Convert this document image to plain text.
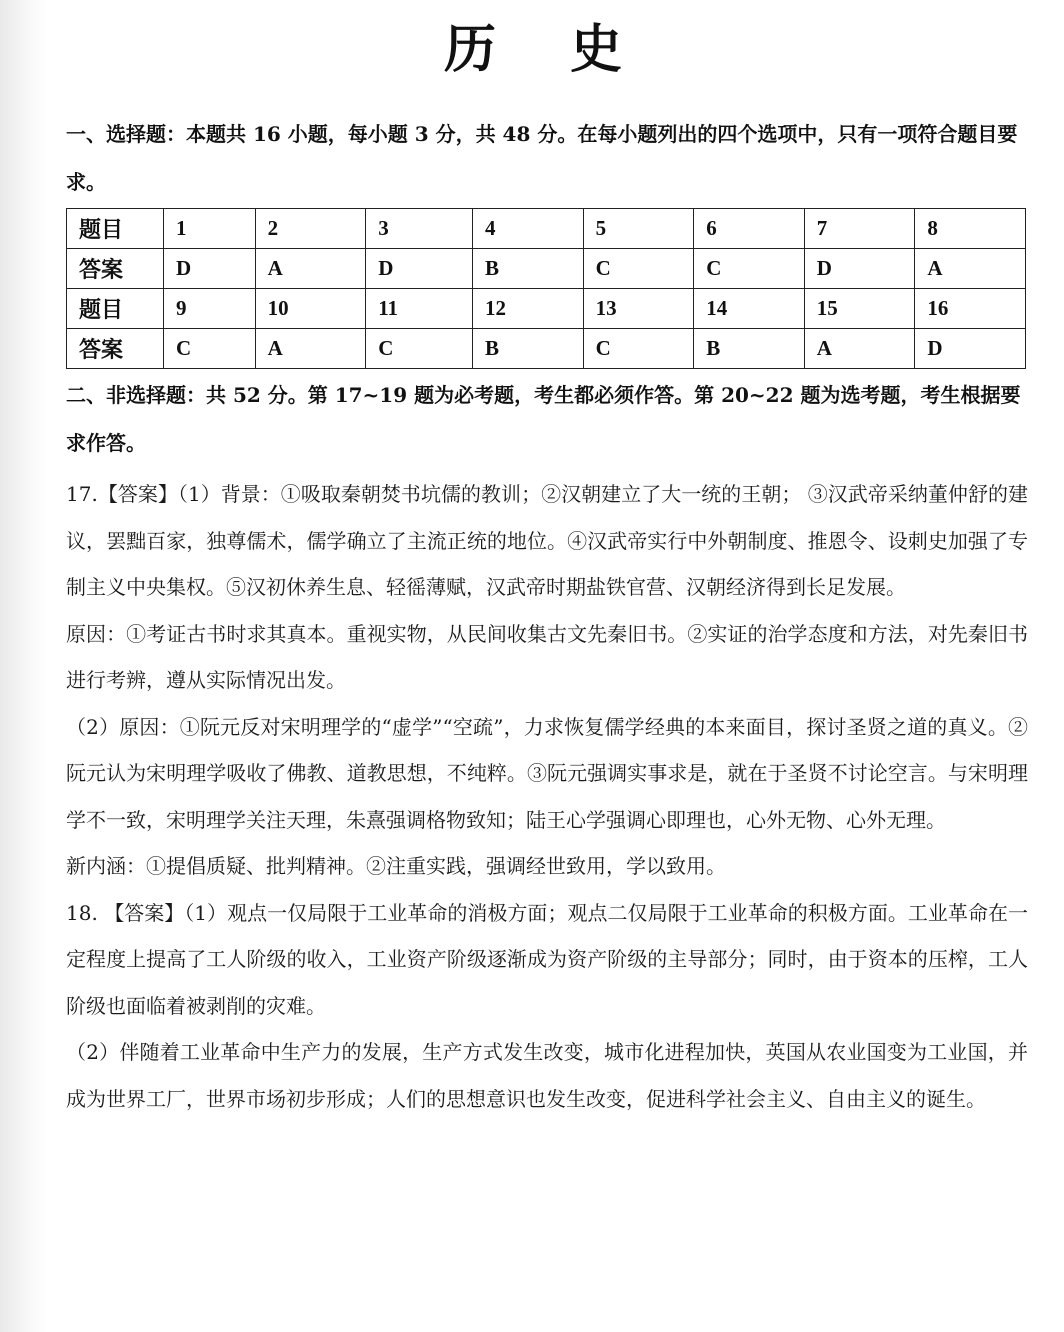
历 史

一、选择题：本题共 16 小题，每小题 3 分，共 48 分。在每小题列出的四个选项中，只有一项符合题目要求。

题目	1	2	3	4	5	6	7	8
答案	D	A	D	B	C	C	D	A
题目	9	10	11	12	13	14	15	16
答案	C	A	C	B	C	B	A	D

二、非选择题：共 52 分。第 17~19 题为必考题，考生都必须作答。第 20~22 题为选考题，考生根据要求作答。

17.【答案】（1）背景：①吸取秦朝焚书坑儒的教训；②汉朝建立了大一统的王朝； ③汉武帝采纳董仲舒的建议，罢黜百家，独尊儒术，儒学确立了主流正统的地位。④汉武帝实行中外朝制度、推恩令、设刺史加强了专制主义中央集权。⑤汉初休养生息、轻徭薄赋，汉武帝时期盐铁官营、汉朝经济得到长足发展。

原因：①考证古书时求其真本。重视实物，从民间收集古文先秦旧书。②实证的治学态度和方法，对先秦旧书进行考辨，遵从实际情况出发。

（2）原因：①阮元反对宋明理学的“虚学”“空疏”，力求恢复儒学经典的本来面目，探讨圣贤之道的真义。②阮元认为宋明理学吸收了佛教、道教思想，不纯粹。③阮元强调实事求是，就在于圣贤不讨论空言。与宋明理学不一致，宋明理学关注天理，朱熹强调格物致知；陆王心学强调心即理也，心外无物、心外无理。

新内涵：①提倡质疑、批判精神。②注重实践，强调经世致用，学以致用。

18. 【答案】（1）观点一仅局限于工业革命的消极方面；观点二仅局限于工业革命的积极方面。工业革命在一定程度上提高了工人阶级的收入，工业资产阶级逐渐成为资产阶级的主导部分；同时，由于资本的压榨，工人阶级也面临着被剥削的灾难。

（2）伴随着工业革命中生产力的发展，生产方式发生改变，城市化进程加快，英国从农业国变为工业国，并成为世界工厂，世界市场初步形成；人们的思想意识也发生改变，促进科学社会主义、自由主义的诞生。
